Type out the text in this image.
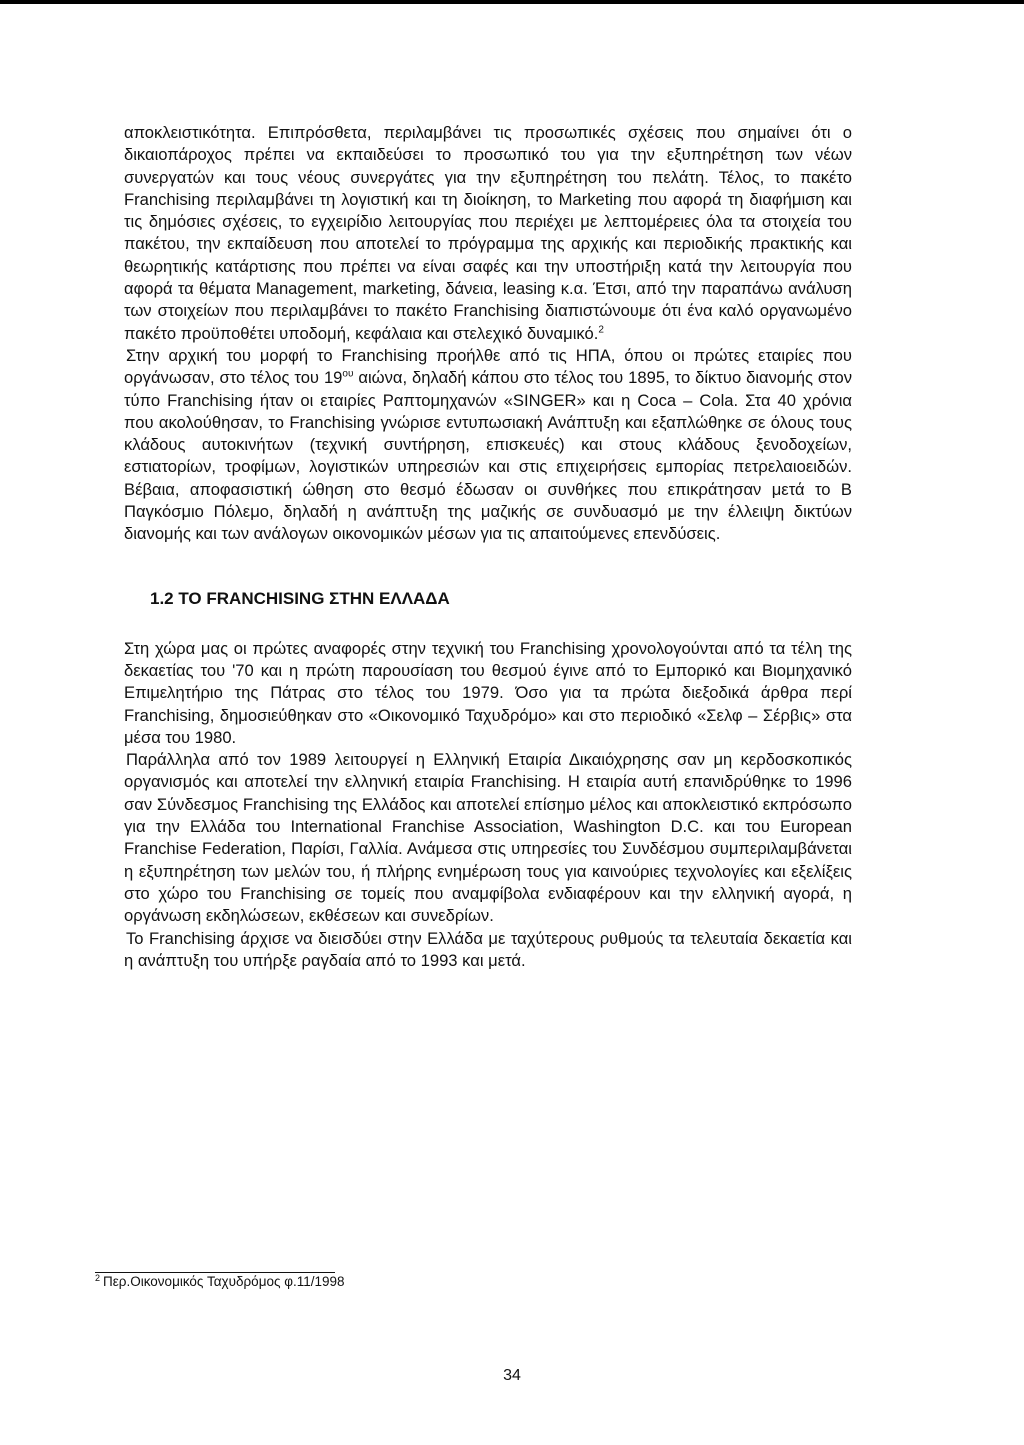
αποκλειστικότητα. Επιπρόσθετα, περιλαμβάνει τις προσωπικές σχέσεις που σημαίνει ότι ο δικαιοπάροχος πρέπει να εκπαιδεύσει το προσωπικό του για την εξυπηρέτηση των νέων συνεργατών και τους νέους συνεργάτες για την εξυπηρέτηση του πελάτη. Τέλος, το πακέτο Franchising περιλαμβάνει τη λογιστική και τη διοίκηση, το Marketing που αφορά τη διαφήμιση και τις δημόσιες σχέσεις, το εγχειρίδιο λειτουργίας που περιέχει με λεπτομέρειες όλα τα στοιχεία του πακέτου, την εκπαίδευση που αποτελεί το πρόγραμμα της αρχικής και περιοδικής πρακτικής και θεωρητικής κατάρτισης που πρέπει να είναι σαφές και την υποστήριξη κατά την λειτουργία που αφορά τα θέματα Management, marketing, δάνεια, leasing κ.α. Έτσι, από την παραπάνω ανάλυση των στοιχείων που περιλαμβάνει το πακέτο Franchising διαπιστώνουμε ότι ένα καλό οργανωμένο πακέτο προϋποθέτει υποδομή, κεφάλαια και στελεχικό δυναμικό.$^2$

Στην αρχική του μορφή το Franchising προήλθε από τις ΗΠΑ, όπου οι πρώτες εταιρίες που οργάνωσαν, στο τέλος του $19^{o\upsilon}$ αιώνα, δηλαδή κάπου στο τέλος του 1895, το δίκτυο διανομής στον τύπο Franchising ήταν οι εταιρίες Ραπτομηχανών «SINGER» και η Coca – Cola. Στα 40 χρόνια που ακολούθησαν, το Franchising γνώρισε εντυπωσιακή Ανάπτυξη και εξαπλώθηκε σε όλους τους κλάδους αυτοκινήτων (τεχνική συντήρηση, επισκευές) και στους κλάδους ξενοδοχείων, εστιατορίων, τροφίμων, λογιστικών υπηρεσιών και στις επιχειρήσεις εμπορίας πετρελαιοειδών. Βέβαια, αποφασιστική ώθηση στο θεσμό έδωσαν οι συνθήκες που επικράτησαν μετά το Β Παγκόσμιο Πόλεμο, δηλαδή η ανάπτυξη της μαζικής σε συνδυασμό με την έλλειψη δικτύων διανομής και των ανάλογων οικονομικών μέσων για τις απαιτούμενες επενδύσεις.

1.2 ΤΟ FRANCHISING ΣΤΗΝ ΕΛΛΑΔΑ

Στη χώρα μας οι πρώτες αναφορές στην τεχνική του Franchising χρονολογούνται από τα τέλη της δεκαετίας του '70 και η πρώτη παρουσίαση του θεσμού έγινε από το Εμπορικό και Βιομηχανικό Επιμελητήριο της Πάτρας στο τέλος του 1979. Όσο για τα πρώτα διεξοδικά άρθρα περί Franchising, δημοσιεύθηκαν στο «Οικονομικό Ταχυδρόμο» και στο περιοδικό «Σελφ – Σέρβις» στα μέσα του 1980.

Παράλληλα από τον 1989 λειτουργεί η Ελληνική Εταιρία Δικαιόχρησης σαν μη κερδοσκοπικός οργανισμός και αποτελεί την ελληνική εταιρία Franchising. Η εταιρία αυτή επανιδρύθηκε το 1996 σαν Σύνδεσμος Franchising της Ελλάδος και αποτελεί επίσημο μέλος και αποκλειστικό εκπρόσωπο για την Ελλάδα του International Franchise Association, Washington D.C. και του European Franchise Federation, Παρίσι, Γαλλία. Ανάμεσα στις υπηρεσίες του Συνδέσμου συμπεριλαμβάνεται η εξυπηρέτηση των μελών του, ή πλήρης ενημέρωση τους για καινούριες τεχνολογίες και εξελίξεις στο χώρο του Franchising σε τομείς που αναμφίβολα ενδιαφέρουν και την ελληνική αγορά, η οργάνωση εκδηλώσεων, εκθέσεων και συνεδρίων.

Το Franchising άρχισε να διεισδύει στην Ελλάδα με ταχύτερους ρυθμούς τα τελευταία δεκαετία και η ανάπτυξη του υπήρξε ραγδαία από το 1993 και μετά.

$^2$ Περ.Οικονομικός Ταχυδρόμος φ.11/1998
34
